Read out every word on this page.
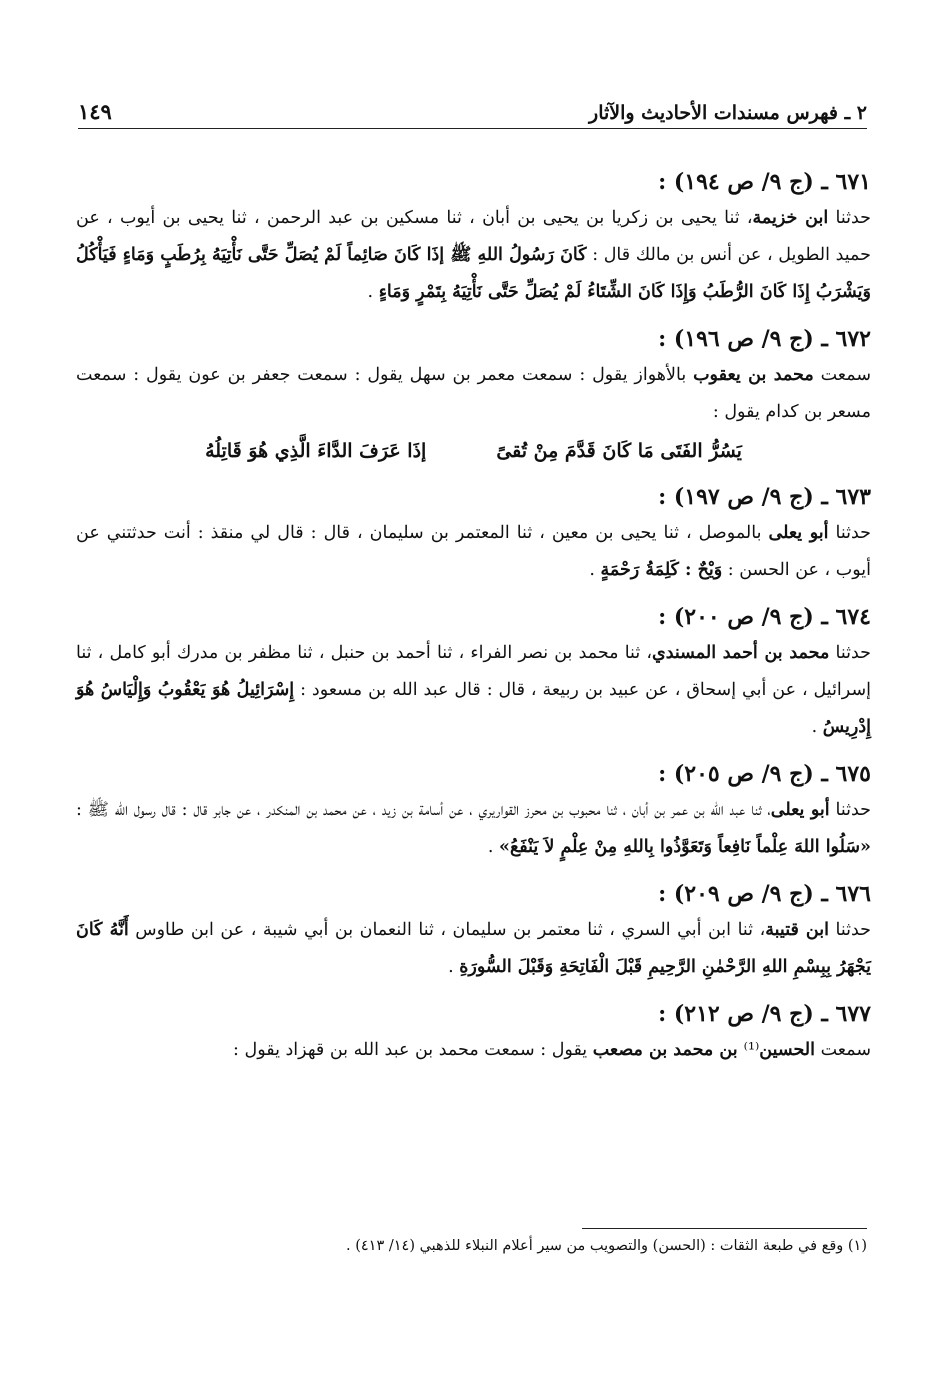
١٤٩	٢ ـ فهرس مسندات الأحاديث والآثار
٦٧١ ـ (ج ٩/ ص ١٩٤) :
حدثنا ابن خزيمة، ثنا يحيى بن زكريا بن يحيى بن أبان ، ثنا مسكين بن عبد الرحمن ، ثنا يحيى بن أيوب ، عن حميد الطويل ، عن أنس بن مالك قال : كَانَ رَسُولُ اللهِ ﷺ إذَا كَانَ صَائِماً لَمْ يُصَلِّ حَتَّى نَأْتِيَهُ بِرُطَبٍ وَمَاءٍ فَيَأْكُلُ وَيَشْرَبُ إِذَا كَانَ الرُّطَبُ وَإِذَا كَانَ الشِّتَاءُ لَمْ يُصَلِّ حَتَّى نَأْتِيَهُ بِتَمْرٍ وَمَاءٍ .
٦٧٢ ـ (ج ٩/ ص ١٩٦) :
سمعت محمد بن يعقوب بالأهواز يقول : سمعت معمر بن سهل يقول : سمعت جعفر بن عون يقول : سمعت مسعر بن كدام يقول :
يَسُرُّ الفَتَى مَا كَانَ قَدَّمَ مِنْ تُقىً
إذَا عَرَفَ الدَّاءَ الَّذِي هُوَ قَاتِلُهُ
٦٧٣ ـ (ج ٩/ ص ١٩٧) :
حدثنا أبو يعلى بالموصل ، ثنا يحيى بن معين ، ثنا المعتمر بن سليمان ، قال : قال لي منقذ : أنت حدثتني عن أيوب ، عن الحسن : وَيْحٌ : كَلِمَةُ رَحْمَةٍ .
٦٧٤ ـ (ج ٩/ ص ٢٠٠) :
حدثنا محمد بن أحمد المسندي، ثنا محمد بن نصر الفراء ، ثنا أحمد بن حنبل ، ثنا مظفر بن مدرك أبو كامل ، ثنا إسرائيل ، عن أبي إسحاق ، عن عبيد بن ربيعة ، قال : قال عبد الله بن مسعود : إِسْرَائِيلُ هُوَ يَعْقُوبُ وَإِلْيَاسُ هُوَ إِدْرِيسُ .
٦٧٥ ـ (ج ٩/ ص ٢٠٥) :
حدثنا أبو يعلى، ثنا عبد الله بن عمر بن أبان ، ثنا محبوب بن محرز القواريري ، عن أسامة بن زيد ، عن محمد بن المنكدر ، عن جابر قال : قال رسول الله ﷺ : «سَلُوا اللهَ عِلْماً نَافِعاً وَتَعَوَّذُوا بِاللهِ مِنْ عِلْمٍ لاَ يَنْفَعُ» .
٦٧٦ ـ (ج ٩/ ص ٢٠٩) :
حدثنا ابن قتيبة، ثنا ابن أبي السري ، ثنا معتمر بن سليمان ، ثنا النعمان بن أبي شيبة ، عن ابن طاوس أَنَّهُ كَانَ يَجْهَرُ بِبِسْمِ اللهِ الرَّحْمٰنِ الرَّحِيمِ قَبْلَ الْفَاتِحَةِ وَقَبْلَ السُّورَةِ .
٦٧٧ ـ (ج ٩/ ص ٢١٢) :
سمعت الحسين⁽¹⁾ بن محمد بن مصعب يقول : سمعت محمد بن عبد الله بن قهزاد يقول :
(١) وقع في طبعة الثقات : (الحسن) والتصويب من سير أعلام النبلاء للذهبي (١٤/ ٤١٣) .
